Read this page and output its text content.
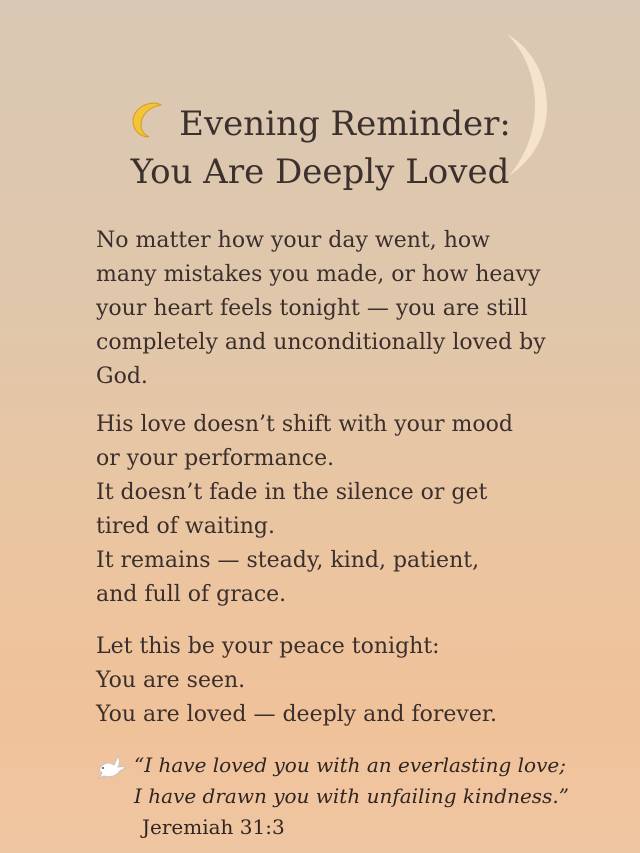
Evening Reminder:
You Are Deeply Loved

No matter how your day went, how
many mistakes you made, or how heavy
your heart feels tonight — you are still
completely and unconditionally loved by
God.

His love doesn’t shift with your mood
or your performance.
It doesn’t fade in the silence or get
tired of waiting.
It remains — steady, kind, patient,
and full of grace.

Let this be your peace tonight:
You are seen.
You are loved — deeply and forever.

“I have loved you with an everlasting love;
I have drawn you with unfailing kindness.”
Jeremiah 31:3
